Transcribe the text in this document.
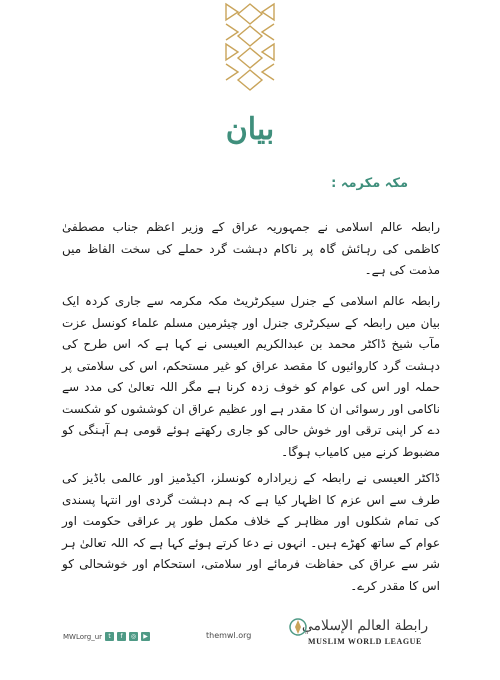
بیان
مکہ مکرمہ :

رابطہ عالم اسلامی نے جمہوریہ عراق کے وزیر اعظم جناب مصطفیٰ کاظمی کی رہائش گاہ پر ناکام دہشت گرد حملے کی سخت الفاظ میں مذمت کی ہے۔

رابطہ عالم اسلامی کے جنرل سیکرٹریٹ مکہ مکرمہ سے جاری کردہ ایک بیان میں رابطہ کے سیکرٹری جنرل اور چیئرمین مسلم علماء کونسل عزت مآب شیخ ڈاکٹر محمد بن عبدالکریم العیسی نے کہا ہے کہ اس طرح کی دہشت گرد کاروائیوں کا مقصد عراق کو غیر مستحکم، اس کی سلامتی پر حملہ اور اس کی عوام کو خوف زدہ کرنا ہے مگر اللہ تعالیٰ کی مدد سے ناکامی اور رسوائی ان کا مقدر ہے اور عظیم عراق ان کوششوں کو شکست دے کر اپنی ترقی اور خوش حالی کو جاری رکھتے ہوئے قومی ہم آہنگی کو مضبوط کرنے میں کامیاب ہوگا۔

ڈاکٹر العیسی نے رابطہ کے زیرادارہ کونسلز، اکیڈمیز اور عالمی باڈیز کی طرف سے اس عزم کا اظہار کیا ہے کہ ہم دہشت گردی اور انتہا پسندی کی تمام شکلوں اور مظاہر کے خلاف مکمل طور پر عراقی حکومت اور عوام کے ساتھ کھڑے ہیں۔ انہوں نے دعا کرتے ہوئے کہا ہے کہ اللہ تعالیٰ ہر شر سے عراق کی حفاظت فرمائے اور سلامتی، استحکام اور خوشحالی کو اس کا مقدر کرے۔

MWLorg_ur	t	f	◎	▶	themwl.org
رابطة العالم الإسلامي
MUSLIM WORLD LEAGUE
